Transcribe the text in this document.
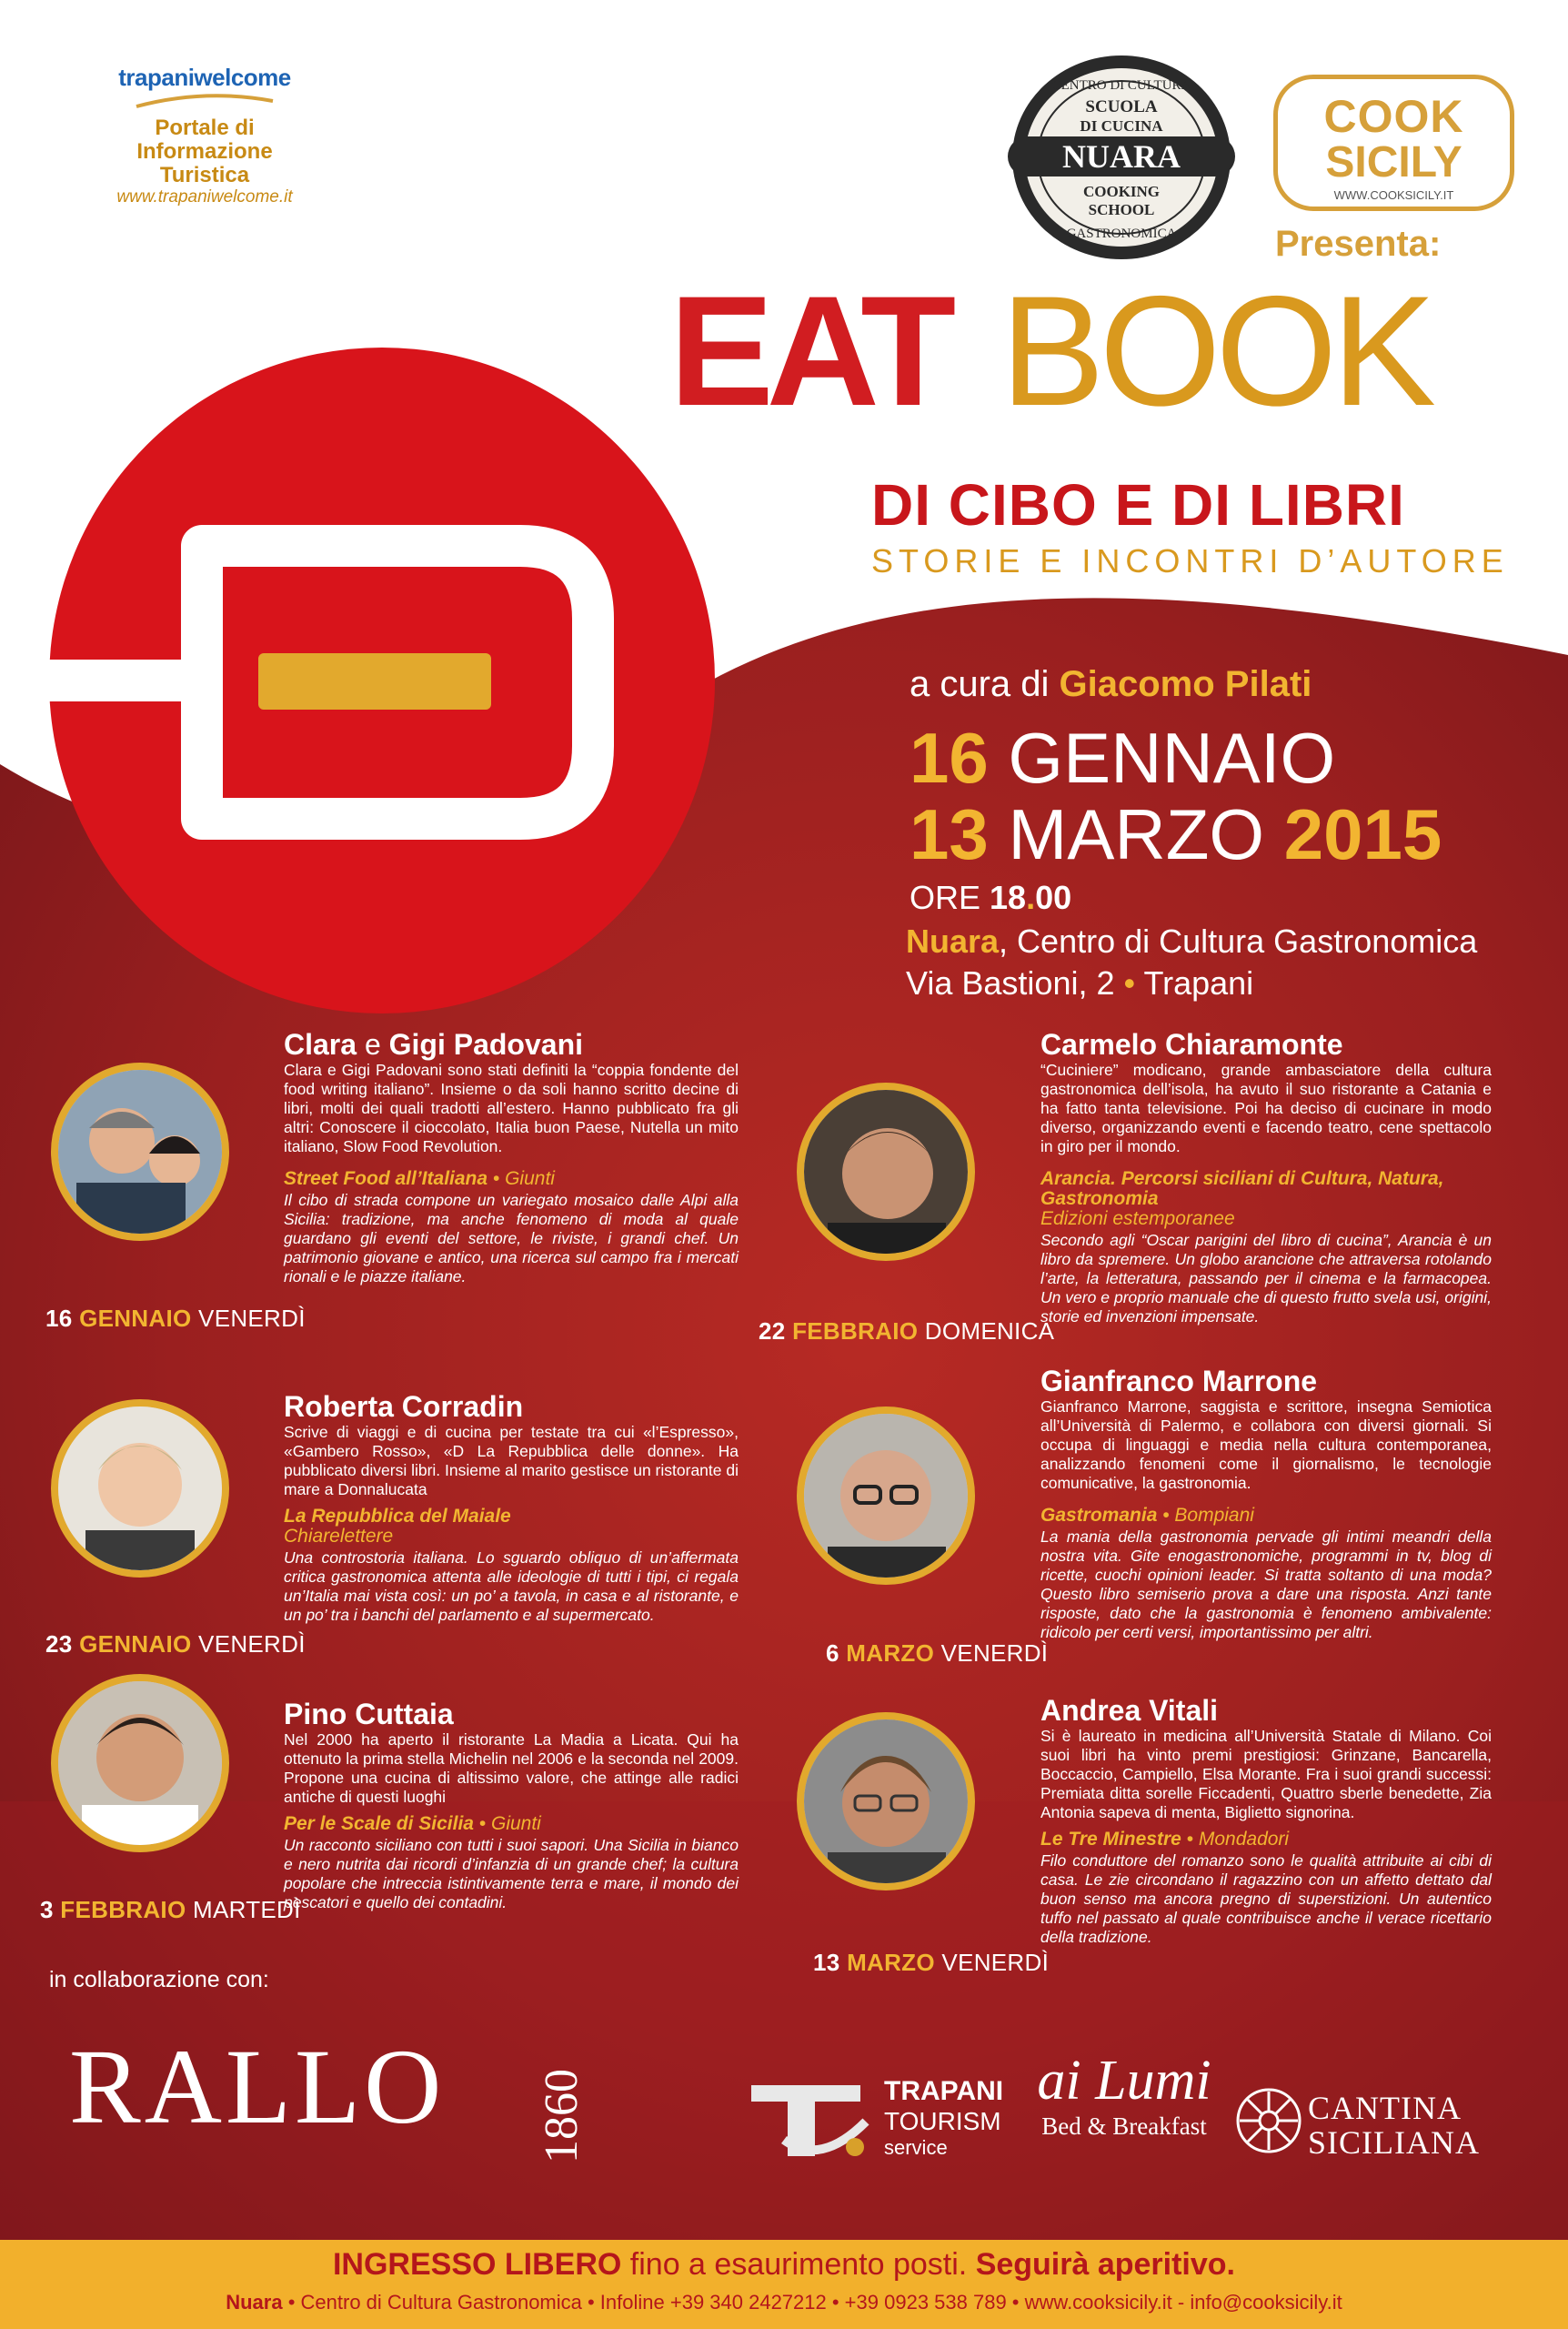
trapaniwelcome
Portale di
Informazione Turistica
www.trapaniwelcome.it
CENTRO DI CULTURA
SCUOLA
DI CUCINA
NUARA
COOKING
SCHOOL
GASTRONOMICA
COOK
SICILY
WWW.COOKSICILY.IT
Presenta:
EAT BOOK
DI CIBO E DI LIBRI
STORIE E INCONTRI D’AUTORE
a cura di Giacomo Pilati
16 GENNAIO
13 MARZO 2015
ORE 18.00
Nuara, Centro di Cultura Gastronomica
Via Bastioni, 2 • Trapani
16 GENNAIO VENERDÌ
Clara e Gigi Padovani
Clara e Gigi Padovani sono stati definiti la “coppia fondente del food writing italiano”. Insieme o da soli hanno scritto decine di libri, molti dei quali tradotti all’estero. Hanno pubblicato fra gli altri: Conoscere il cioccolato, Italia buon Paese, Nutella un mito italiano, Slow Food Revolution.
Street Food all’Italiana • Giunti
Il cibo di strada compone un variegato mosaico dalle Alpi alla Sicilia: tradizione, ma anche fenomeno di moda al quale guardano gli eventi del settore, le riviste, i grandi chef. Un patrimonio giovane e antico, una ricerca sul campo fra i mercati rionali e le piazze italiane.
23 GENNAIO VENERDÌ
Roberta Corradin
Scrive di viaggi e di cucina per testate tra cui «l’Espresso», «Gambero Rosso», «D La Repubblica delle donne». Ha pubblicato diversi libri. Insieme al marito gestisce un ristorante di mare a Donnalucata
La Repubblica del Maiale
Chiarelettere
Una controstoria italiana. Lo sguardo obliquo di un’affermata critica gastronomica attenta alle ideologie di tutti i tipi, ci regala un’Italia mai vista così: un po’ a tavola, in casa e al ristorante, e un po’ tra i banchi del parlamento e al supermercato.
3 FEBBRAIO MARTEDÌ
Pino Cuttaia
Nel 2000 ha aperto il ristorante La Madia a Licata. Qui ha ottenuto la prima stella Michelin nel 2006 e la seconda nel 2009. Propone una cucina di altissimo valore, che attinge alle radici antiche di questi luoghi
Per le Scale di Sicilia • Giunti
Un racconto siciliano con tutti i suoi sapori. Una Sicilia in bianco e nero nutrita dai ricordi d’infanzia di un grande chef; la cultura popolare che intreccia istintivamente terra e mare, il mondo dei pescatori e quello dei contadini.
22 FEBBRAIO DOMENICA
Carmelo Chiaramonte
“Cuciniere” modicano, grande ambasciatore della cultura gastronomica dell’isola, ha avuto il suo ristorante a Catania e ha fatto tanta televisione. Poi ha deciso di cucinare in modo diverso, organizzando eventi e facendo teatro, cene spettacolo in giro per il mondo.
Arancia. Percorsi siciliani di Cultura, Natura, Gastronomia
Edizioni estemporanee
Secondo agli “Oscar parigini del libro di cucina”, Arancia è un libro da spremere. Un globo arancione che attraversa rotolando l’arte, la letteratura, passando per il cinema e la farmacopea. Un vero e proprio manuale che di questo frutto svela usi, origini, storie ed invenzioni impensate.
6 MARZO VENERDÌ
Gianfranco Marrone
Gianfranco Marrone, saggista e scrittore, insegna Semiotica all’Università di Palermo, e collabora con diversi giornali. Si occupa di linguaggi e media nella cultura contemporanea, analizzando fenomeni come il giornalismo, le tecnologie comunicative, la gastronomia.
Gastromania • Bompiani
La mania della gastronomia pervade gli intimi meandri della nostra vita. Gite enogastronomiche, programmi in tv, blog di ricette, cuochi opinioni leader. Si tratta soltanto di una moda? Questo libro semiserio prova a dare una risposta. Anzi tante risposte, dato che la gastronomia è fenomeno ambivalente: ridicolo per certi versi, importantissimo per altri.
13 MARZO VENERDÌ
Andrea Vitali
Si è laureato in medicina all’Università Statale di Milano. Coi suoi libri ha vinto premi prestigiosi: Grinzane, Bancarella, Boccaccio, Campiello, Elsa Morante. Fra i suoi grandi successi: Premiata ditta sorelle Ficcadenti, Quattro sberle benedette, Zia Antonia sapeva di menta, Biglietto signorina.
Le Tre Minestre • Mondadori
Filo conduttore del romanzo sono le qualità attribuite ai cibi di casa. Le zie circondano il ragazzino con un affetto dettato dal buon senso ma ancora pregno di superstizioni. Un autentico tuffo nel passato al quale contribuisce anche il verace ricettario della tradizione.
in collaborazione con:
RALLO 1860	TRAPANI
TOURISM
service
ai Lumi
Bed & Breakfast	CANTINA
SICILIANA
INGRESSO LIBERO fino a esaurimento posti. Seguirà aperitivo.
Nuara • Centro di Cultura Gastronomica • Infoline +39 340 2427212 • +39 0923 538 789 • www.cooksicily.it - info@cooksicily.it
